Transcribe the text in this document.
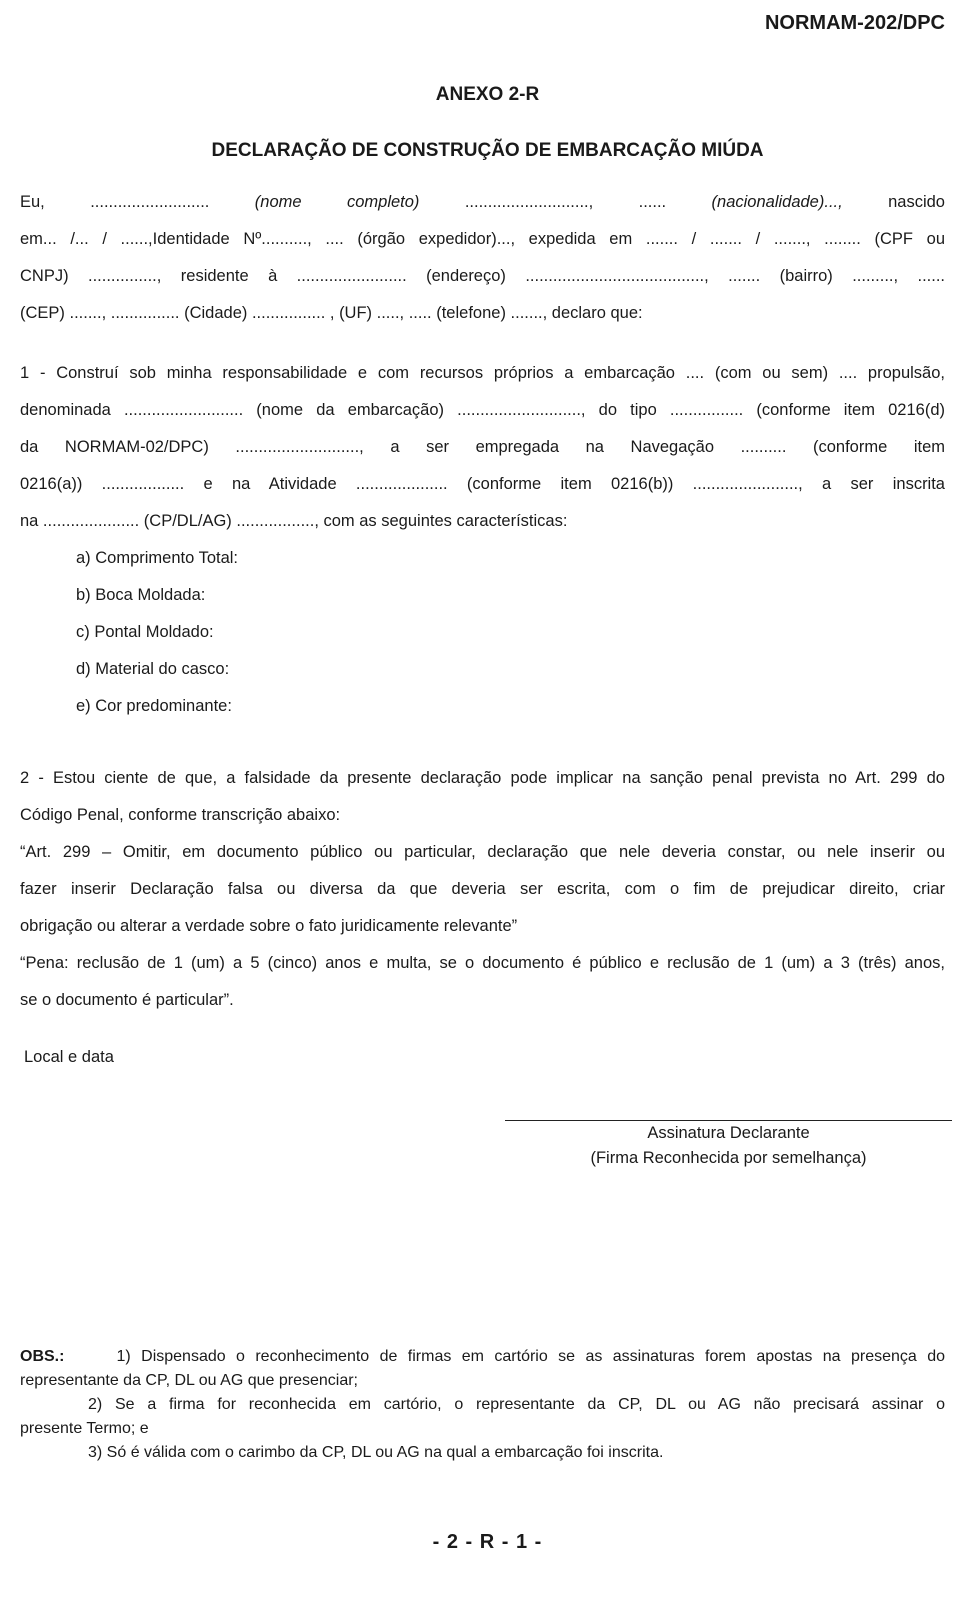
NORMAM-202/DPC
ANEXO 2-R
DECLARAÇÃO DE CONSTRUÇÃO DE EMBARCAÇÃO MIÚDA
Eu,	..........................	(nome	completo)	...........................,	......	(nacionalidade)...,	nascido
em... /... / ......,Identidade Nº.........., .... (órgão expedidor)..., expedida em ....... / ....... / ......., ........ (CPF ou
CNPJ) ..............., residente à ........................ (endereço) ......................................., ....... (bairro) ........., ......
(CEP) ......., ............... (Cidade) ................ , (UF) ....., ..... (telefone) ......., declaro que:
1 - Construí sob minha responsabilidade e com recursos próprios a embarcação .... (com ou sem) .... propulsão,
denominada .......................... (nome da embarcação) ..........................., do tipo ................ (conforme item 0216(d)
da NORMAM-02/DPC) ..........................., a ser empregada na Navegação .......... (conforme item
0216(a)) .................. e na Atividade .................... (conforme item 0216(b)) ......................., a ser inscrita
na ..................... (CP/DL/AG) ................., com as seguintes características:
a) Comprimento Total:
b) Boca Moldada:
c) Pontal Moldado:
d) Material do casco:
e) Cor predominante:
2 - Estou ciente de que, a falsidade da presente declaração pode implicar na sanção penal prevista no Art. 299 do
Código Penal, conforme transcrição abaixo:
“Art. 299 – Omitir, em documento público ou particular, declaração que nele deveria constar, ou nele inserir ou
fazer inserir Declaração falsa ou diversa da que deveria ser escrita, com o fim de prejudicar direito, criar
obrigação ou alterar a verdade sobre o fato juridicamente relevante”
“Pena: reclusão de 1 (um) a 5 (cinco) anos e multa, se o documento é público e reclusão de 1 (um) a 3 (três) anos,
se o documento é particular”.
Local e data
Assinatura Declarante
(Firma Reconhecida por semelhança)
OBS.:	1) Dispensado o reconhecimento de firmas em cartório se as assinaturas forem apostas na presença do
representante da CP, DL ou AG que presenciar;
2) Se a firma for reconhecida em cartório, o representante da CP, DL ou AG não precisará assinar o
presente Termo; e
3) Só é válida com o carimbo da CP, DL ou AG na qual a embarcação foi inscrita.
- 2 - R - 1 -
